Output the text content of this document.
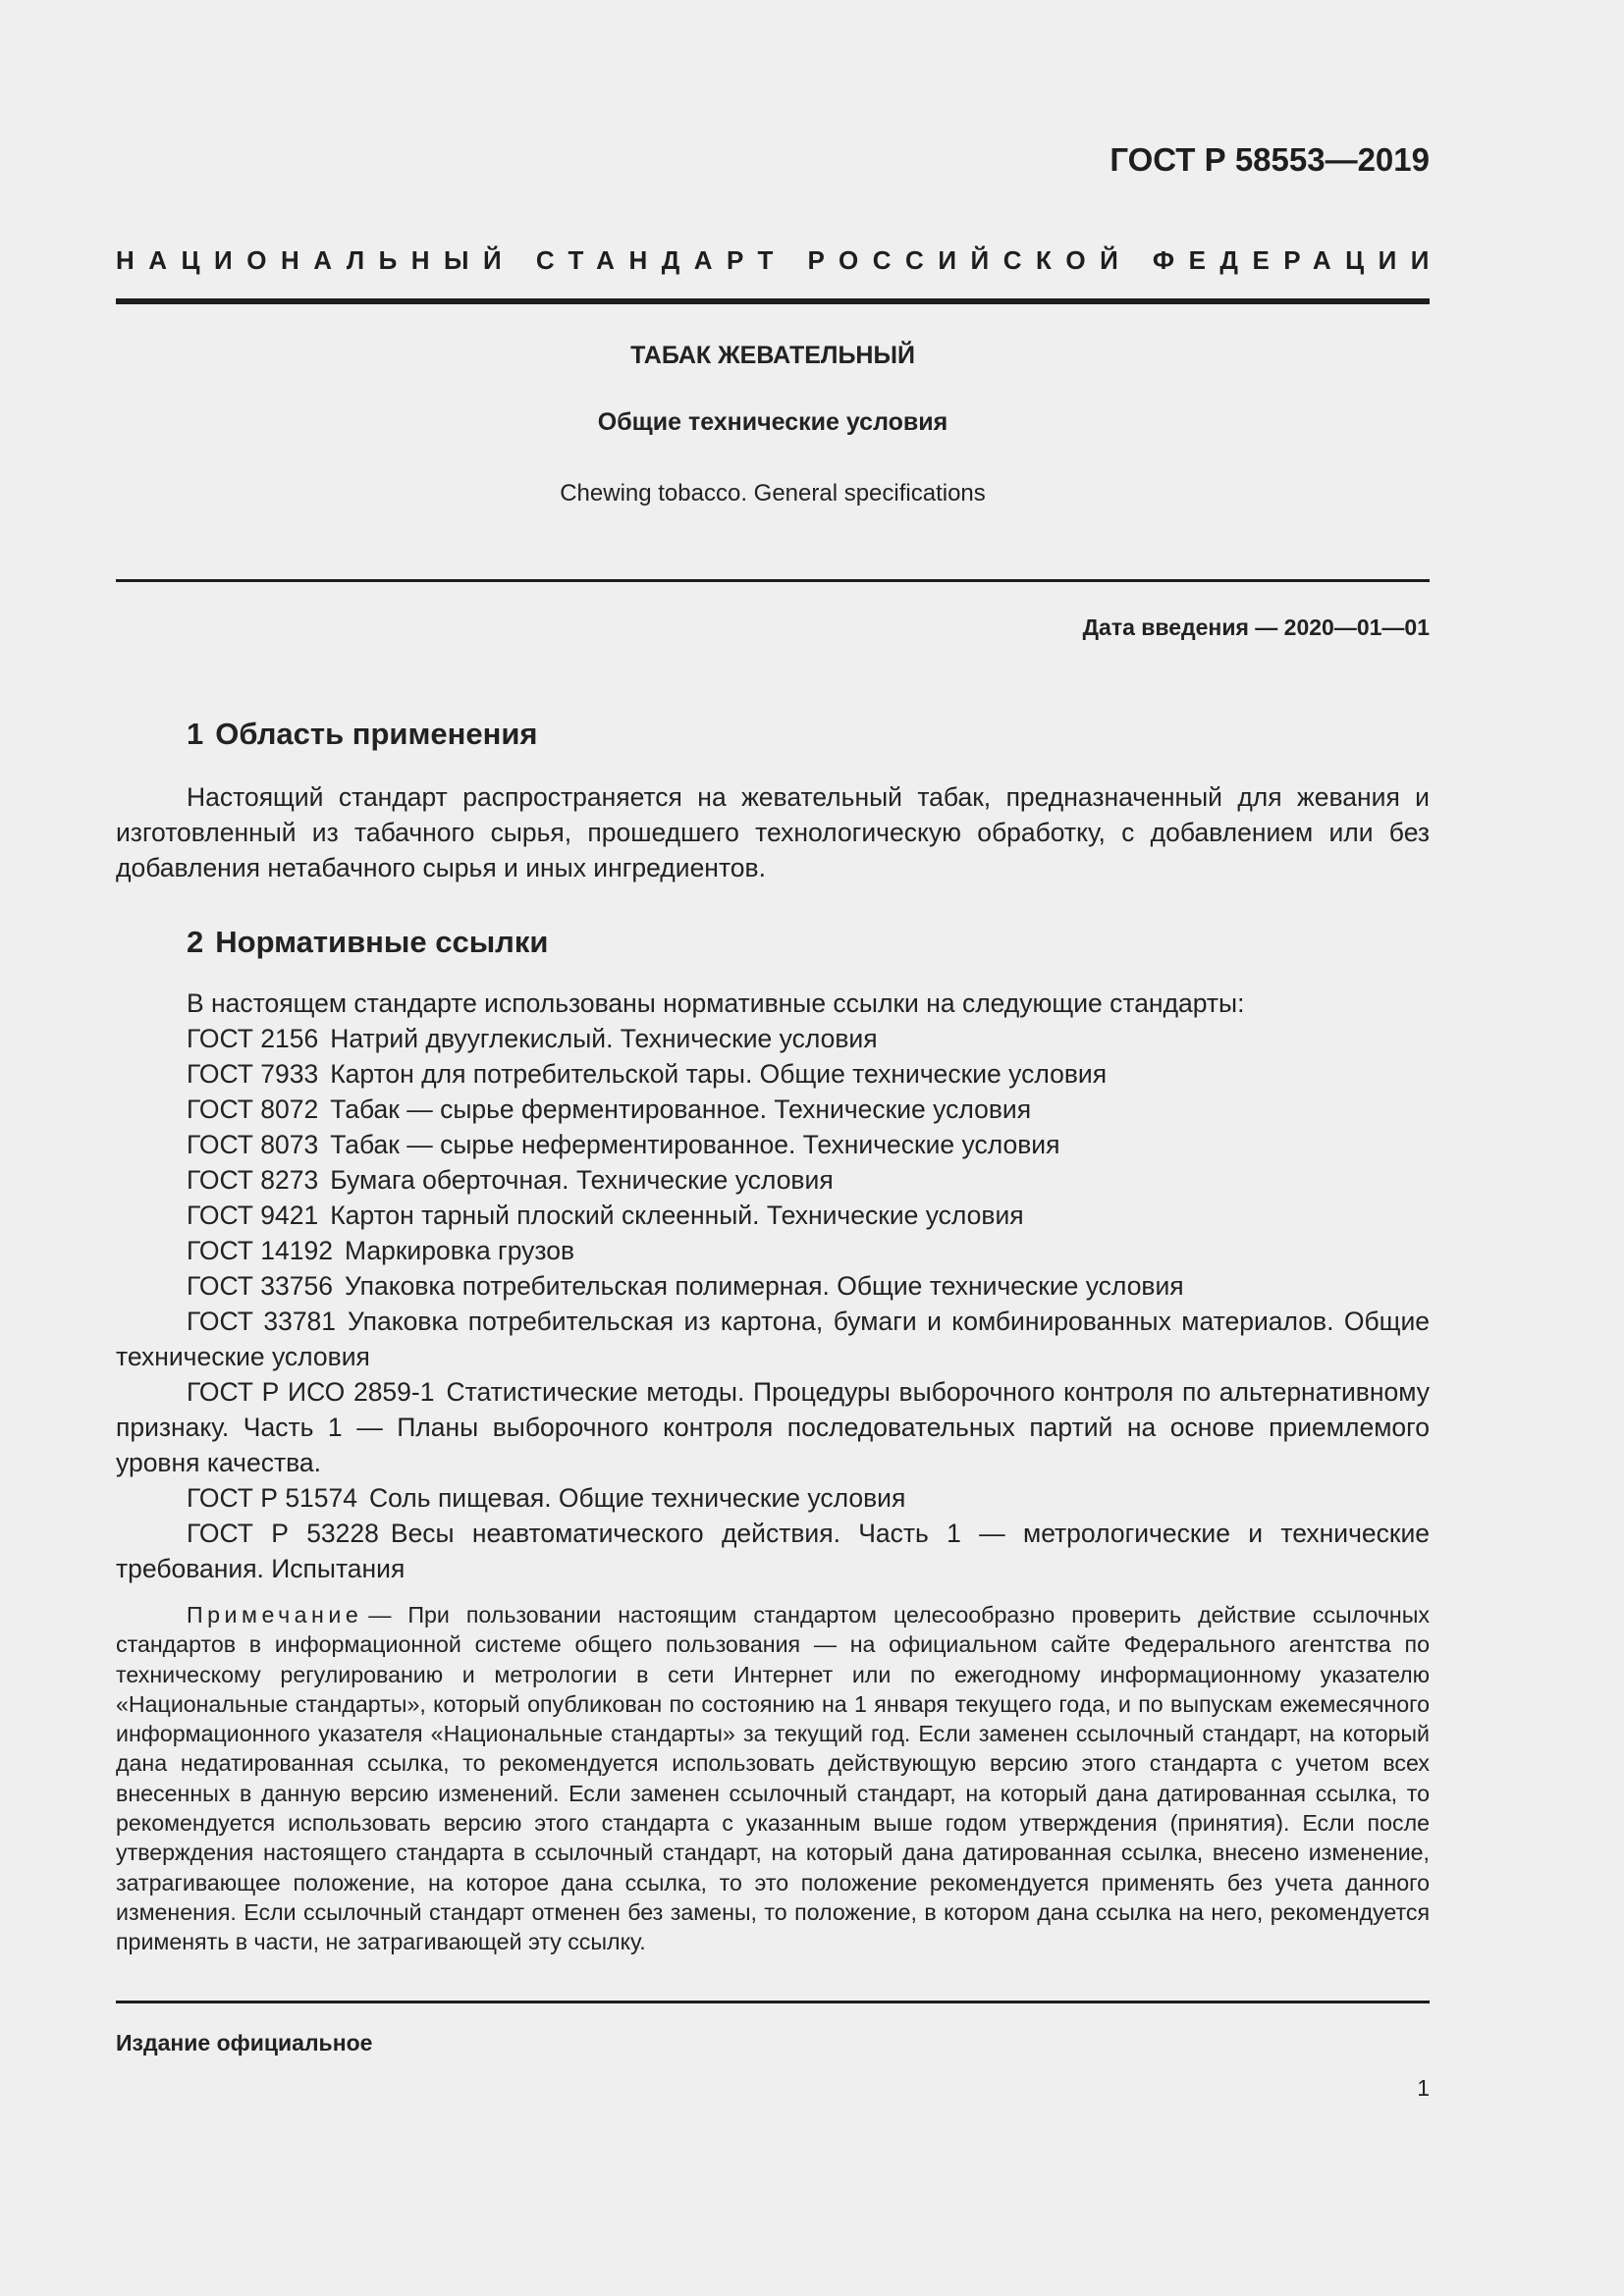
ГОСТ Р 58553—2019
НАЦИОНАЛЬНЫЙ СТАНДАРТ РОССИЙСКОЙ ФЕДЕРАЦИИ
ТАБАК ЖЕВАТЕЛЬНЫЙ
Общие технические условия
Chewing tobacco. General specifications
Дата введения — 2020—01—01
1 Область применения
Настоящий стандарт распространяется на жевательный табак, предназначенный для жевания и изготовленный из табачного сырья, прошедшего технологическую обработку, с добавлением или без добавления нетабачного сырья и иных ингредиентов.
2 Нормативные ссылки
В настоящем стандарте использованы нормативные ссылки на следующие стандарты:
ГОСТ 2156 Натрий двууглекислый. Технические условия
ГОСТ 7933 Картон для потребительской тары. Общие технические условия
ГОСТ 8072 Табак — сырье ферментированное. Технические условия
ГОСТ 8073 Табак — сырье неферментированное. Технические условия
ГОСТ 8273 Бумага оберточная. Технические условия
ГОСТ 9421 Картон тарный плоский склеенный. Технические условия
ГОСТ 14192 Маркировка грузов
ГОСТ 33756 Упаковка потребительская полимерная. Общие технические условия
ГОСТ 33781 Упаковка потребительская из картона, бумаги и комбинированных материалов. Общие технические условия
ГОСТ Р ИСО 2859-1 Статистические методы. Процедуры выборочного контроля по альтернативному признаку. Часть 1 — Планы выборочного контроля последовательных партий на основе приемлемого уровня качества.
ГОСТ Р 51574 Соль пищевая. Общие технические условия
ГОСТ Р 53228 Весы неавтоматического действия. Часть 1 — метрологические и технические требования. Испытания
Примечание — При пользовании настоящим стандартом целесообразно проверить действие ссылочных стандартов в информационной системе общего пользования — на официальном сайте Федерального агентства по техническому регулированию и метрологии в сети Интернет или по ежегодному информационному указателю «Национальные стандарты», который опубликован по состоянию на 1 января текущего года, и по выпускам ежемесячного информационного указателя «Национальные стандарты» за текущий год. Если заменен ссылочный стандарт, на который дана недатированная ссылка, то рекомендуется использовать действующую версию этого стандарта с учетом всех внесенных в данную версию изменений. Если заменен ссылочный стандарт, на который дана датированная ссылка, то рекомендуется использовать версию этого стандарта с указанным выше годом утверждения (принятия). Если после утверждения настоящего стандарта в ссылочный стандарт, на который дана датированная ссылка, внесено изменение, затрагивающее положение, на которое дана ссылка, то это положение рекомендуется применять без учета данного изменения. Если ссылочный стандарт отменен без замены, то положение, в котором дана ссылка на него, рекомендуется применять в части, не затрагивающей эту ссылку.
Издание официальное
1
